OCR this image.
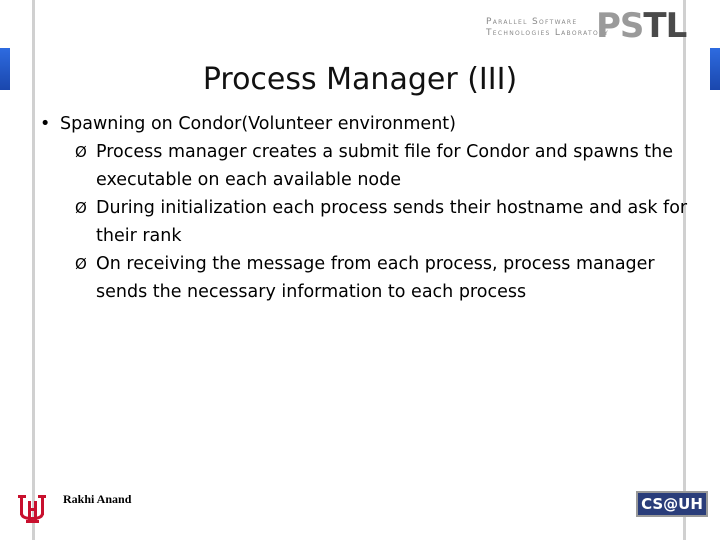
Parallel Software
Technologies Laboratory
PSTL
Process Manager (III)
• Spawning on Condor(Volunteer environment)
Ø Process manager creates a submit file for Condor and spawns the executable on each available node
Ø During initialization each process sends their hostname and ask for their rank
Ø On receiving the message from each process, process manager sends the necessary information to each process
Rakhi Anand	CS@UH
